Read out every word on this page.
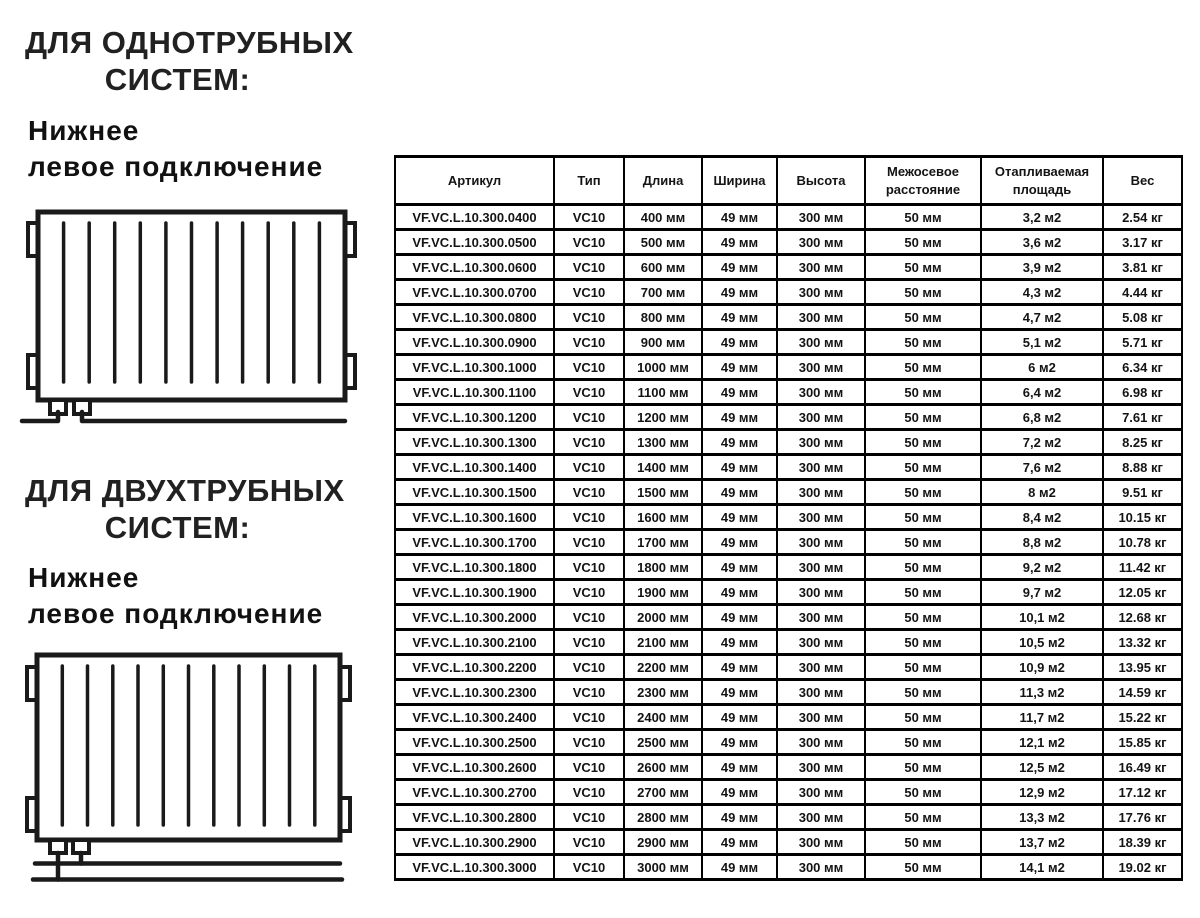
ДЛЯ ОДНОТРУБНЫХ
СИСТЕМ:
Нижнее
левое подключение
ДЛЯ ДВУХТРУБНЫХ
СИСТЕМ:
Нижнее
левое подключение
Артикул	Тип	Длина	Ширина	Высота	Межосевое расстояние	Отапливаемая площадь	Вес
VF.VC.L.10.300.0400	VC10	400 мм	49 мм	300 мм	50 мм	3,2 м2	2.54 кг
VF.VC.L.10.300.0500	VC10	500 мм	49 мм	300 мм	50 мм	3,6 м2	3.17 кг
VF.VC.L.10.300.0600	VC10	600 мм	49 мм	300 мм	50 мм	3,9 м2	3.81 кг
VF.VC.L.10.300.0700	VC10	700 мм	49 мм	300 мм	50 мм	4,3 м2	4.44 кг
VF.VC.L.10.300.0800	VC10	800 мм	49 мм	300 мм	50 мм	4,7 м2	5.08 кг
VF.VC.L.10.300.0900	VC10	900 мм	49 мм	300 мм	50 мм	5,1 м2	5.71 кг
VF.VC.L.10.300.1000	VC10	1000 мм	49 мм	300 мм	50 мм	6 м2	6.34 кг
VF.VC.L.10.300.1100	VC10	1100 мм	49 мм	300 мм	50 мм	6,4 м2	6.98 кг
VF.VC.L.10.300.1200	VC10	1200 мм	49 мм	300 мм	50 мм	6,8 м2	7.61 кг
VF.VC.L.10.300.1300	VC10	1300 мм	49 мм	300 мм	50 мм	7,2 м2	8.25 кг
VF.VC.L.10.300.1400	VC10	1400 мм	49 мм	300 мм	50 мм	7,6 м2	8.88 кг
VF.VC.L.10.300.1500	VC10	1500 мм	49 мм	300 мм	50 мм	8 м2	9.51 кг
VF.VC.L.10.300.1600	VC10	1600 мм	49 мм	300 мм	50 мм	8,4 м2	10.15 кг
VF.VC.L.10.300.1700	VC10	1700 мм	49 мм	300 мм	50 мм	8,8 м2	10.78 кг
VF.VC.L.10.300.1800	VC10	1800 мм	49 мм	300 мм	50 мм	9,2 м2	11.42 кг
VF.VC.L.10.300.1900	VC10	1900 мм	49 мм	300 мм	50 мм	9,7 м2	12.05 кг
VF.VC.L.10.300.2000	VC10	2000 мм	49 мм	300 мм	50 мм	10,1 м2	12.68 кг
VF.VC.L.10.300.2100	VC10	2100 мм	49 мм	300 мм	50 мм	10,5 м2	13.32 кг
VF.VC.L.10.300.2200	VC10	2200 мм	49 мм	300 мм	50 мм	10,9 м2	13.95 кг
VF.VC.L.10.300.2300	VC10	2300 мм	49 мм	300 мм	50 мм	11,3 м2	14.59 кг
VF.VC.L.10.300.2400	VC10	2400 мм	49 мм	300 мм	50 мм	11,7 м2	15.22 кг
VF.VC.L.10.300.2500	VC10	2500 мм	49 мм	300 мм	50 мм	12,1 м2	15.85 кг
VF.VC.L.10.300.2600	VC10	2600 мм	49 мм	300 мм	50 мм	12,5 м2	16.49 кг
VF.VC.L.10.300.2700	VC10	2700 мм	49 мм	300 мм	50 мм	12,9 м2	17.12 кг
VF.VC.L.10.300.2800	VC10	2800 мм	49 мм	300 мм	50 мм	13,3 м2	17.76 кг
VF.VC.L.10.300.2900	VC10	2900 мм	49 мм	300 мм	50 мм	13,7 м2	18.39 кг
VF.VC.L.10.300.3000	VC10	3000 мм	49 мм	300 мм	50 мм	14,1 м2	19.02 кг
